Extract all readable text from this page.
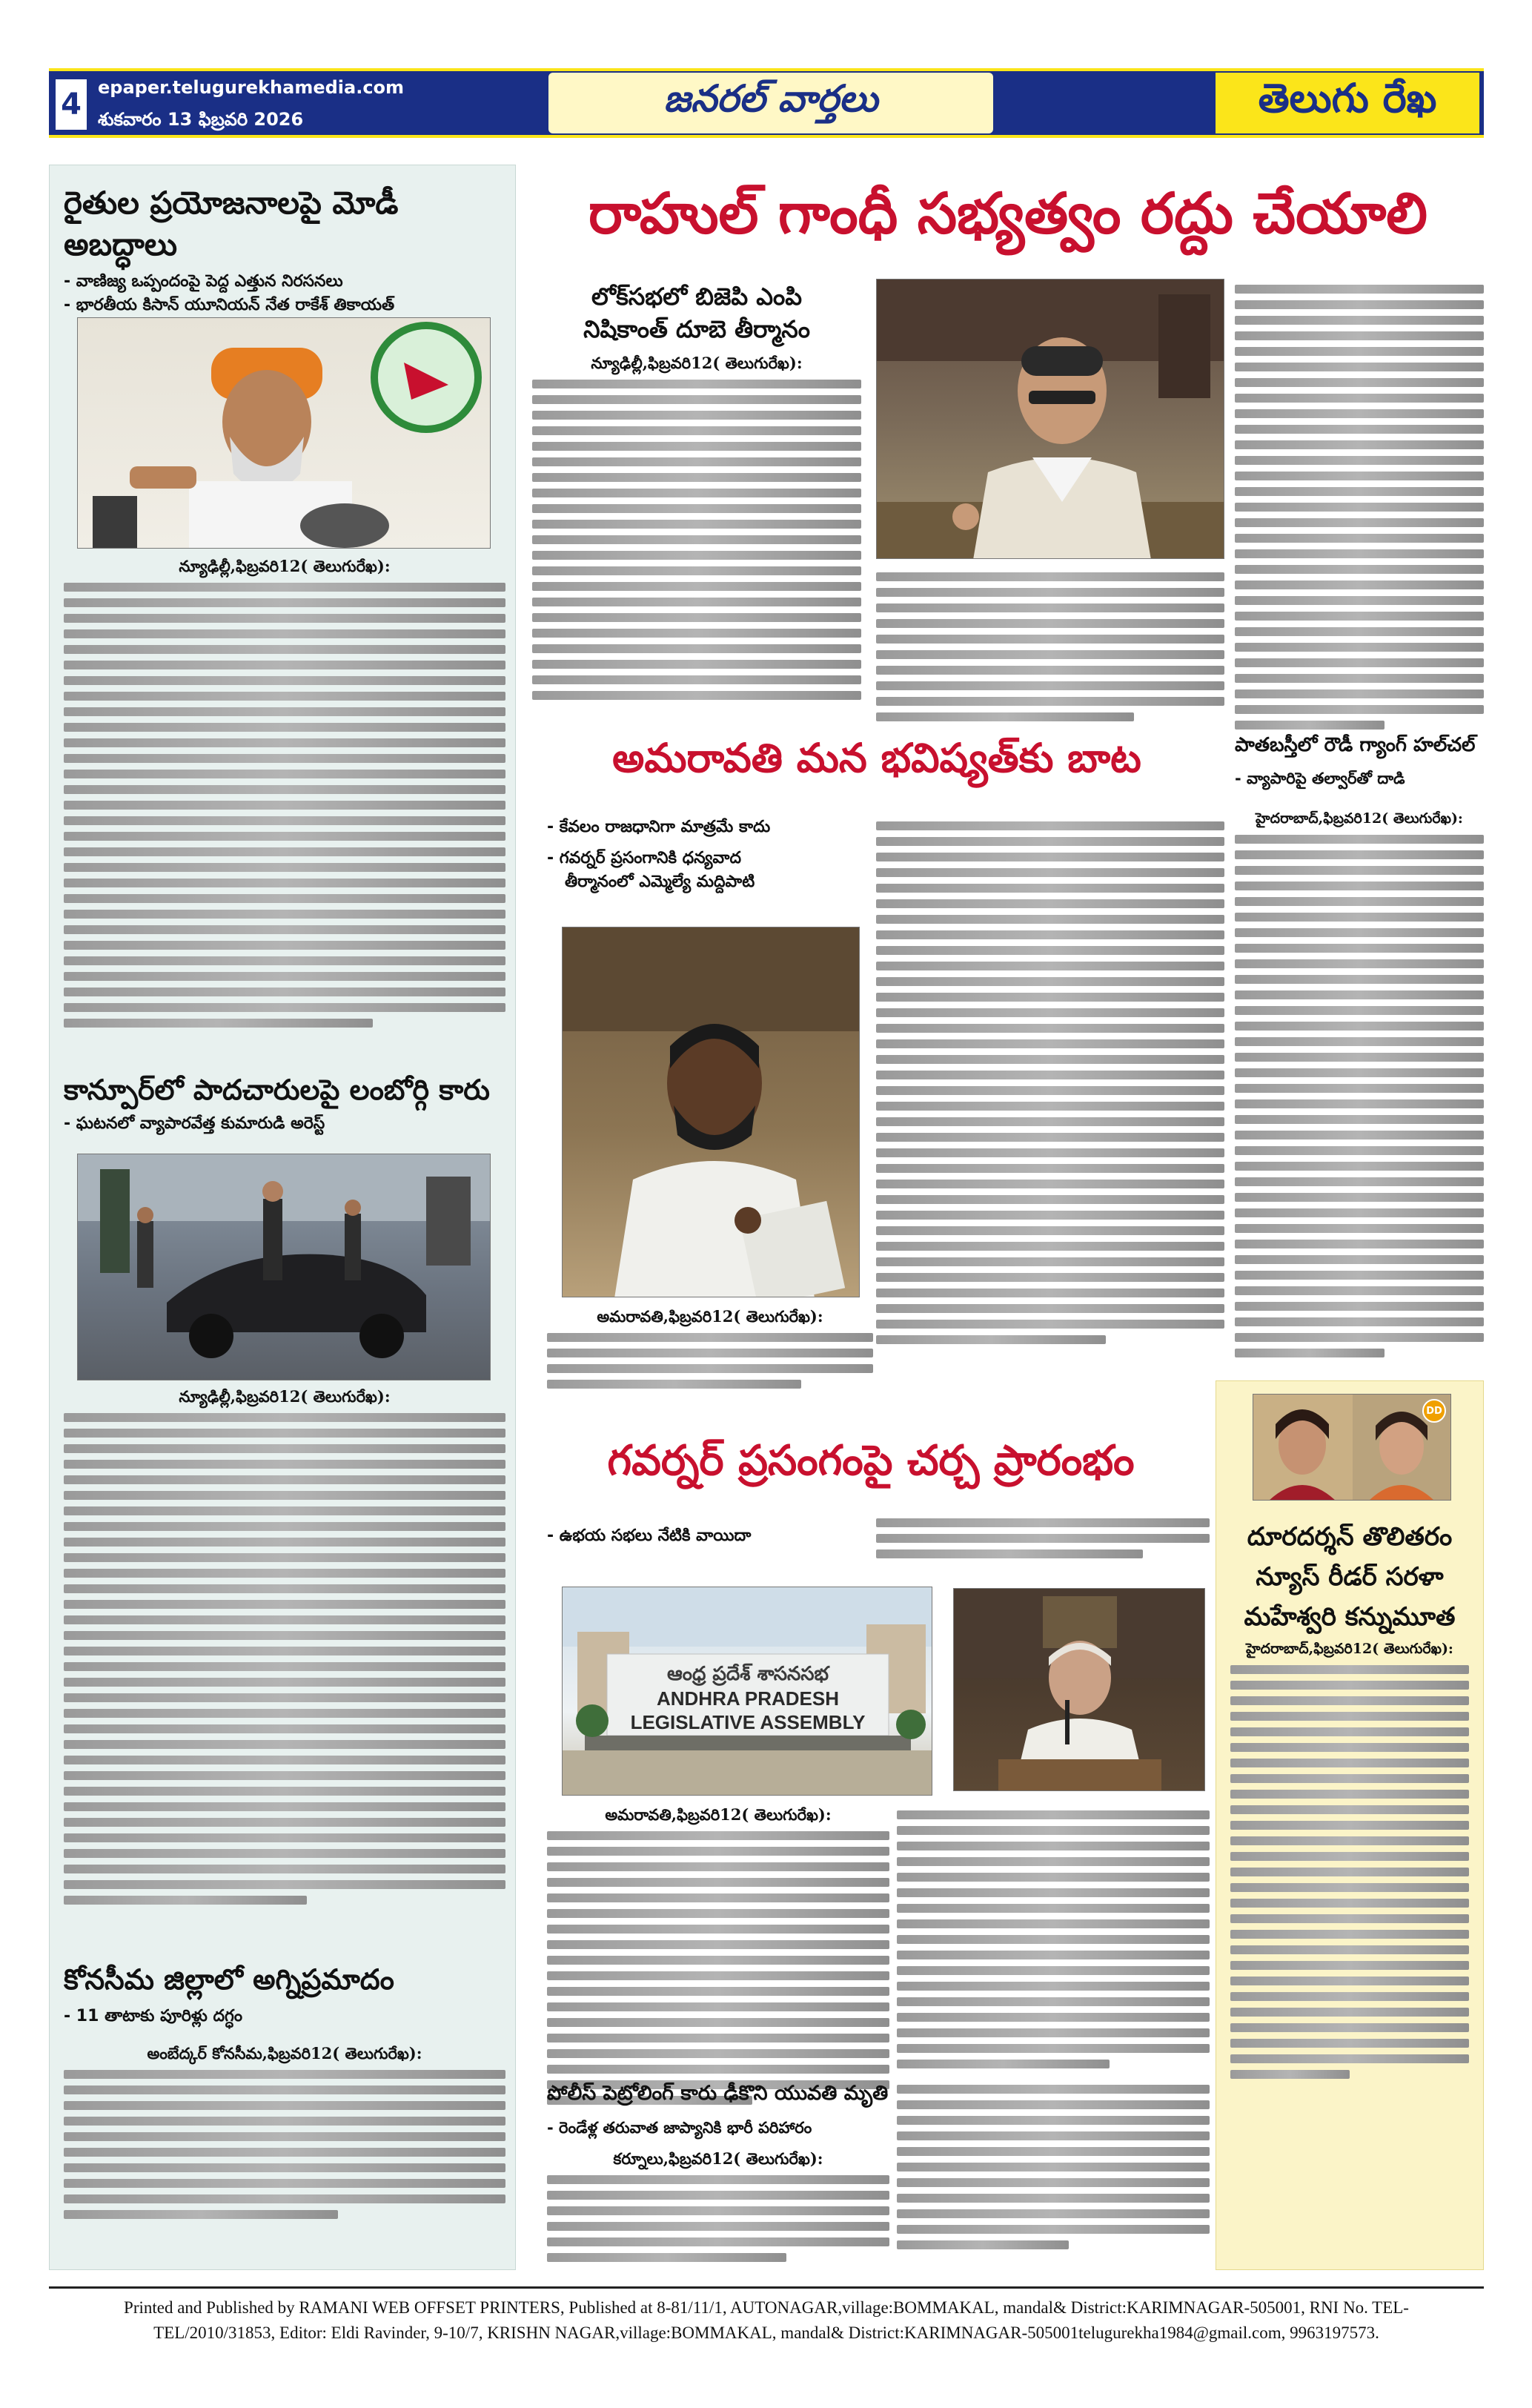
4 epaper.telugurekhamedia.com
శుకవారం 13 ఫిబ్రవరి 2026	జనరల్ వార్తలు	తెలుగు రేఖ
రైతుల ప్రయోజనాలపై మోడీ అబద్ధాలు
- వాణిజ్య ఒప్పందంపై పెద్ద ఎత్తున నిరసనలు
- భారతీయ కిసాన్ యూనియన్ నేత రాకేశ్ తికాయత్
న్యూఢిల్లీ,ఫిబ్రవరి12( తెలుగురేఖ):
కాన్పూర్‌లో పాదచారులపై లంబోర్గి కారు
- ఘటనలో వ్యాపారవేత్త కుమారుడి అరెస్ట్
న్యూఢిల్లీ,ఫిబ్రవరి12( తెలుగురేఖ):
కోనసీమ జిల్లాలో అగ్నిప్రమాదం
- 11 తాటాకు పూరిళ్లు దగ్ధం
అంబేద్కర్ కోనసీమ,ఫిబ్రవరి12( తెలుగురేఖ):
రాహుల్ గాంధీ సభ్యత్వం రద్దు చేయాలి
లోక్‌సభలో బిజెపి ఎంపి
నిషికాంత్ దూబె తీర్మానం
న్యూఢిల్లీ,ఫిబ్రవరి12( తెలుగురేఖ):
అమరావతి మన భవిష్యత్‌కు బాట
- కేవలం రాజధానిగా మాత్రమే కాదు
- గవర్నర్ ప్రసంగానికి ధన్యవాద
తీర్మానంలో ఎమ్మెల్యే మద్దిపాటి
అమరావతి,ఫిబ్రవరి12( తెలుగురేఖ):
పాతబస్తీలో రౌడీ గ్యాంగ్ హల్‌చల్
- వ్యాపారిపై తల్వార్‌తో దాడి
హైదరాబాద్,ఫిబ్రవరి12( తెలుగురేఖ):
DD
దూరదర్శన్ తొలితరం న్యూస్ రీడర్ సరళా మహేశ్వరి కన్నుమూత
హైదరాబాద్,ఫిబ్రవరి12( తెలుగురేఖ):
గవర్నర్ ప్రసంగంపై చర్చ ప్రారంభం
- ఉభయ సభలు నేటికి వాయిదా
ఆంధ్ర ప్రదేశ్ శాసనసభ
ANDHRA PRADESH
LEGISLATIVE ASSEMBLY
అమరావతి,ఫిబ్రవరి12( తెలుగురేఖ):
పోలీస్ పెట్రోలింగ్ కారు ఢీకొని యువతి మృతి
- రెండేళ్ల తరువాత జాప్యానికి భారీ పరిహారం
కర్నూలు,ఫిబ్రవరి12( తెలుగురేఖ):
Printed and Published by RAMANI WEB OFFSET PRINTERS, Published at 8-81/11/1, AUTONAGAR,village:BOMMAKAL, mandal& District:KARIMNAGAR-505001, RNI No. TEL-
TEL/2010/31853, Editor: Eldi Ravinder, 9-10/7, KRISHN NAGAR,village:BOMMAKAL, mandal& District:KARIMNAGAR-505001telugurekha1984@gmail.com, 9963197573.
